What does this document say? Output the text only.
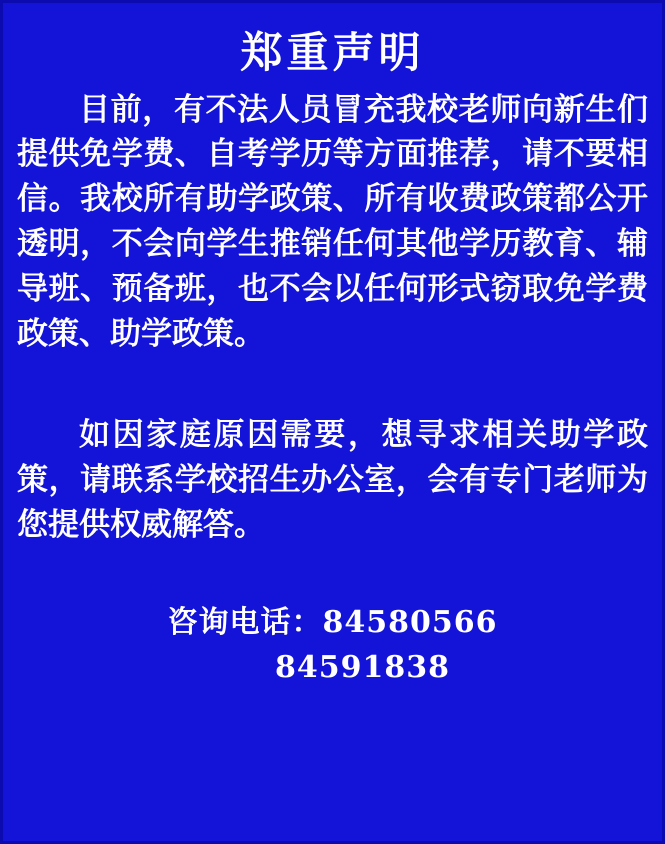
郑重声明

目前，有不法人员冒充我校老师向新生们提供免学费、自考学历等方面推荐，请不要相信。我校所有助学政策、所有收费政策都公开透明，不会向学生推销任何其他学历教育、辅导班、预备班，也不会以任何形式窃取免学费政策、助学政策。

如因家庭原因需要，想寻求相关助学政策，请联系学校招生办公室，会有专门老师为您提供权威解答。

咨询电话：84580566
84591838
